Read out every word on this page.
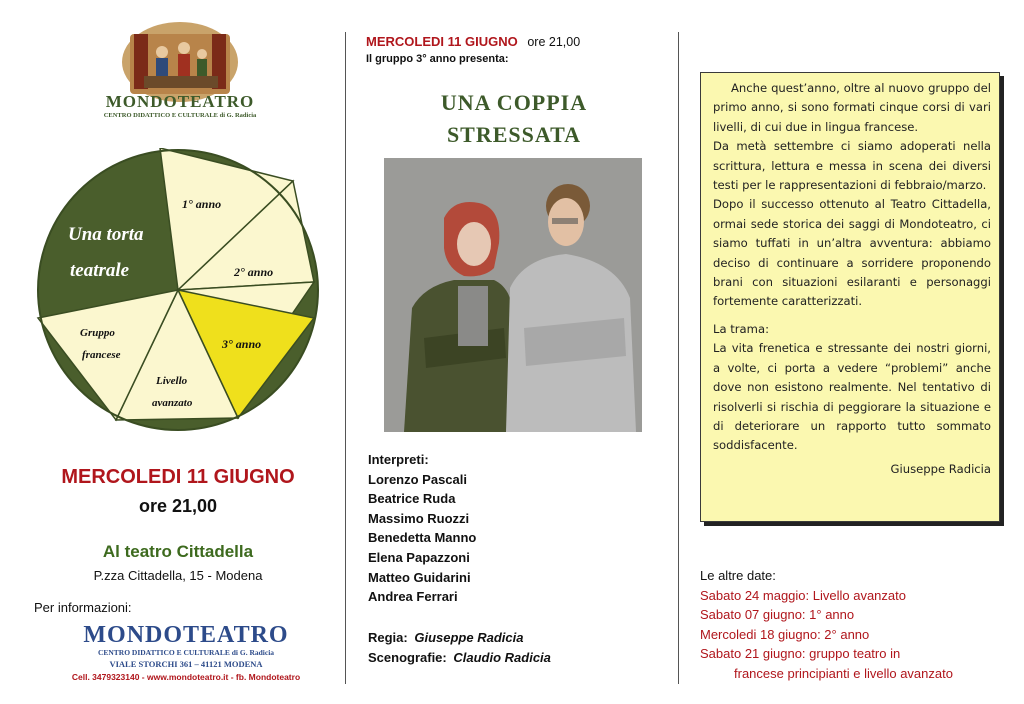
MONDOTEATRO
CENTRO DIDATTICO E CULTURALE di G. Radicia
Una torta
teatrale
1° anno
2° anno
3° anno
Livello
avanzato
Gruppo
francese
MERCOLEDI 11 GIUGNO
ore 21,00
Al teatro Cittadella
P.zza Cittadella, 15 - Modena
Per informazioni:
MONDOTEATRO
CENTRO DIDATTICO E CULTURALE di G. Radicia
VIALE STORCHI 361 – 41121 MODENA
Cell. 3479323140 - www.mondoteatro.it - fb. Mondoteatro
MERCOLEDI 11 GIUGNO ore 21,00
Il gruppo 3° anno presenta:
UNA COPPIA
STRESSATA
Interpreti:
Lorenzo Pascali
Beatrice Ruda
Massimo Ruozzi
Benedetta Manno
Elena Papazzoni
Matteo Guidarini
Andrea Ferrari
Regia: Giuseppe Radicia
Scenografie: Claudio Radicia

Anche quest’anno, oltre al nuovo gruppo del primo anno, si sono formati cinque corsi di vari livelli, di cui due in lingua francese.

Da metà settembre ci siamo adoperati nella scrittura, lettura e messa in scena dei diversi testi per le rappresentazioni di febbraio/marzo.

Dopo il successo ottenuto al Teatro Cittadella, ormai sede storica dei saggi di Mondoteatro, ci siamo tuffati in un’altra avventura: abbiamo deciso di continuare a sorridere proponendo brani con situazioni esilaranti e personaggi fortemente caratterizzati.

La trama:

La vita frenetica e stressante dei nostri giorni, a volte, ci porta a vedere “problemi” anche dove non esistono realmente. Nel tentativo di risolverli si rischia di peggiorare la situazione e di deteriorare un rapporto tutto sommato soddisfacente.

Giuseppe Radicia

Le altre date:
Sabato 24 maggio: Livello avanzato
Sabato 07 giugno: 1° anno
Mercoledi 18 giugno: 2° anno
Sabato 21 giugno: gruppo teatro in
francese principianti e livello avanzato
